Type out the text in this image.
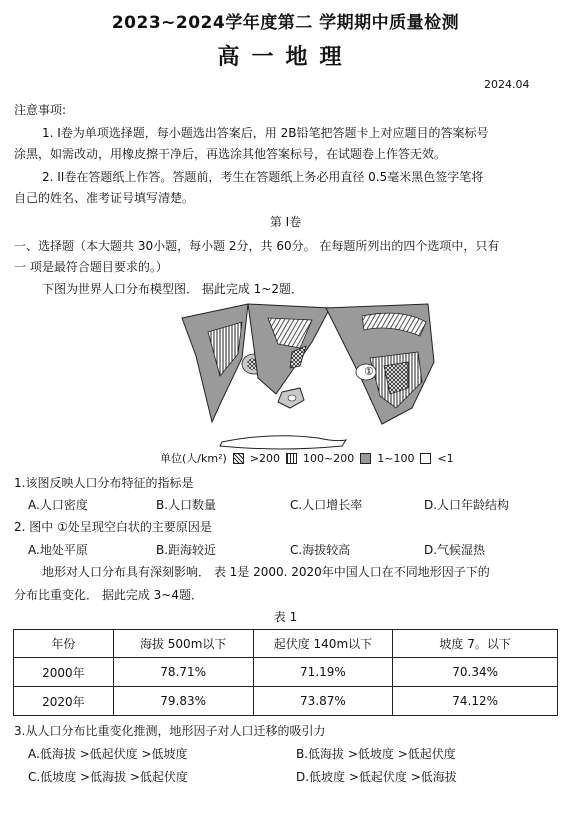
2023~2024学年度第二 学期期中质量检测
高一地理
2024.04
注意事项:
1. I卷为单项选择题，每小题选出答案后，用 2B铅笔把答题卡上对应题目的答案标号
涂黑，如需改动，用橡皮擦干净后，再选涂其他答案标号，在试题卷上作答无效。
2. II卷在答题纸上作答。答题前，考生在答题纸上务必用直径 0.5毫米黑色签字笔将
自己的姓名、准考证号填写清楚。
第 I卷
一、选择题（本大题共 30小题，每小题 2分，共 60分。 在每题所列出的四个选项中，只有
一 项是最符合题目要求的。）
下图为世界人口分布模型图． 据此完成 1~2题．
①
单位(人/km²) >200 100~200 1~100 <1
1.该图反映人口分布特征的指标是
A.人口密度	B.人口数量	C.人口增长率	D.人口年龄结构
2. 图中 ①处呈现空白状的主要原因是
A.地处平原	B.距海较近	C.海拔较高	D.气候湿热
地形对人口分布具有深刻影响． 表 1是 2000. 2020年中国人口在不同地形因子下的
分布比重变化． 据此完成 3~4题．
表 1
年份	海拔 500m以下	起伏度 140m以下	坡度 7。以下
2000年	78.71%	71.19%	70.34%
2020年	79.83%	73.87%	74.12%
3.从人口分布比重变化推测，地形因子对人口迁移的吸引力
A.低海拔 >低起伏度 >低坡度	B.低海拔 >低坡度 >低起伏度
C.低坡度 >低海拔 >低起伏度	D.低坡度 >低起伏度 >低海拔
